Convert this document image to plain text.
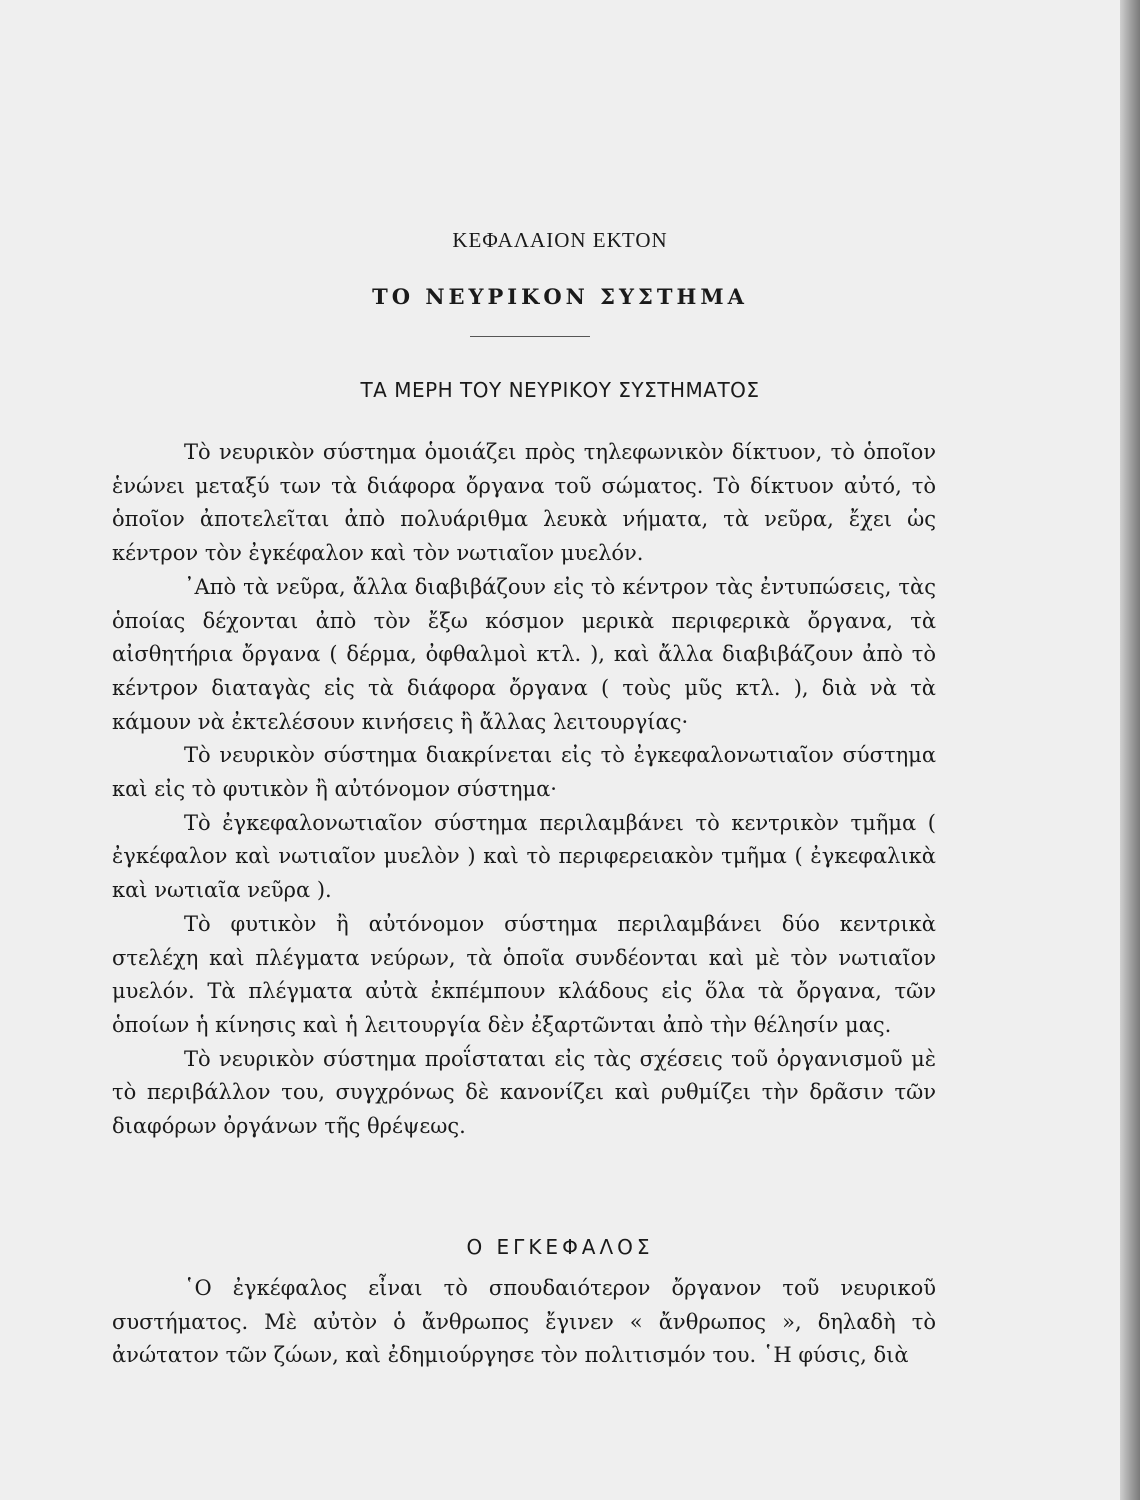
ΚΕΦΑΛΑΙΟΝ ΕΚΤΟΝ
ΤΟ ΝΕΥΡΙΚΟΝ ΣΥΣΤΗΜΑ
ΤΑ ΜΕΡΗ ΤΟΥ ΝΕΥΡΙΚΟΥ ΣΥΣΤΗΜΑΤΟΣ

Τὸ νευρικὸν σύστημα ὁμοιάζει πρὸς τηλεφωνικὸν δίκτυον, τὸ ὁποῖον ἑνώνει μεταξύ των τὰ διάφορα ὄργανα τοῦ σώματος. Τὸ δίκτυον αὐτό, τὸ ὁποῖον ἀποτελεῖται ἀπὸ πολυάριθμα λευκὰ νήματα, τὰ νεῦρα, ἔχει ὡς κέντρον τὸν ἐγκέφαλον καὶ τὸν νωτιαῖον μυελόν.

᾿Απὸ τὰ νεῦρα, ἄλλα διαβιβάζουν εἰς τὸ κέντρον τὰς ἐντυπώσεις, τὰς ὁποίας δέχονται ἀπὸ τὸν ἔξω κόσμον μερικὰ περιφερικὰ ὄργανα, τὰ αἰσθητήρια ὄργανα ( δέρμα, ὀφθαλμοὶ κτλ. ), καὶ ἄλλα διαβιβάζουν ἀπὸ τὸ κέντρον διαταγὰς εἰς τὰ διάφορα ὄργανα ( τοὺς μῦς κτλ. ), διὰ νὰ τὰ κάμουν νὰ ἐκτελέσουν κινήσεις ἢ ἄλλας λειτουργίας·

Τὸ νευρικὸν σύστημα διακρίνεται εἰς τὸ ἐγκεφαλονωτιαῖον σύστημα καὶ εἰς τὸ φυτικὸν ἢ αὐτόνομον σύστημα·

Τὸ ἐγκεφαλονωτιαῖον σύστημα περιλαμβάνει τὸ κεντρικὸν τμῆμα ( ἐγκέφαλον καὶ νωτιαῖον μυελὸν ) καὶ τὸ περιφερειακὸν τμῆμα ( ἐγκεφαλικὰ καὶ νωτιαῖα νεῦρα ).

Τὸ φυτικὸν ἢ αὐτόνομον σύστημα περιλαμβάνει δύο κεντρικὰ στελέχη καὶ πλέγματα νεύρων, τὰ ὁποῖα συνδέονται καὶ μὲ τὸν νωτιαῖον μυελόν. Τὰ πλέγματα αὐτὰ ἐκπέμπουν κλάδους εἰς ὅλα τὰ ὄργανα, τῶν ὁποίων ἡ κίνησις καὶ ἡ λειτουργία δὲν ἐξαρτῶνται ἀπὸ τὴν θέλησίν μας.

Τὸ νευρικὸν σύστημα προΐσταται εἰς τὰς σχέσεις τοῦ ὀργανισμοῦ μὲ τὸ περιβάλλον του, συγχρόνως δὲ κανονίζει καὶ ρυθμίζει τὴν δρᾶσιν τῶν διαφόρων ὀργάνων τῆς θρέψεως.

Ο ΕΓΚΕΦΑΛΟΣ

῾Ο ἐγκέφαλος εἶναι τὸ σπουδαιότερον ὄργανον τοῦ νευρικοῦ συστήματος. Μὲ αὐτὸν ὁ ἄνθρωπος ἔγινεν « ἄνθρωπος », δηλαδὴ τὸ ἀνώτατον τῶν ζώων, καὶ ἐδημιούργησε τὸν πολιτισμόν του. ῾Η φύσις, διὰ
